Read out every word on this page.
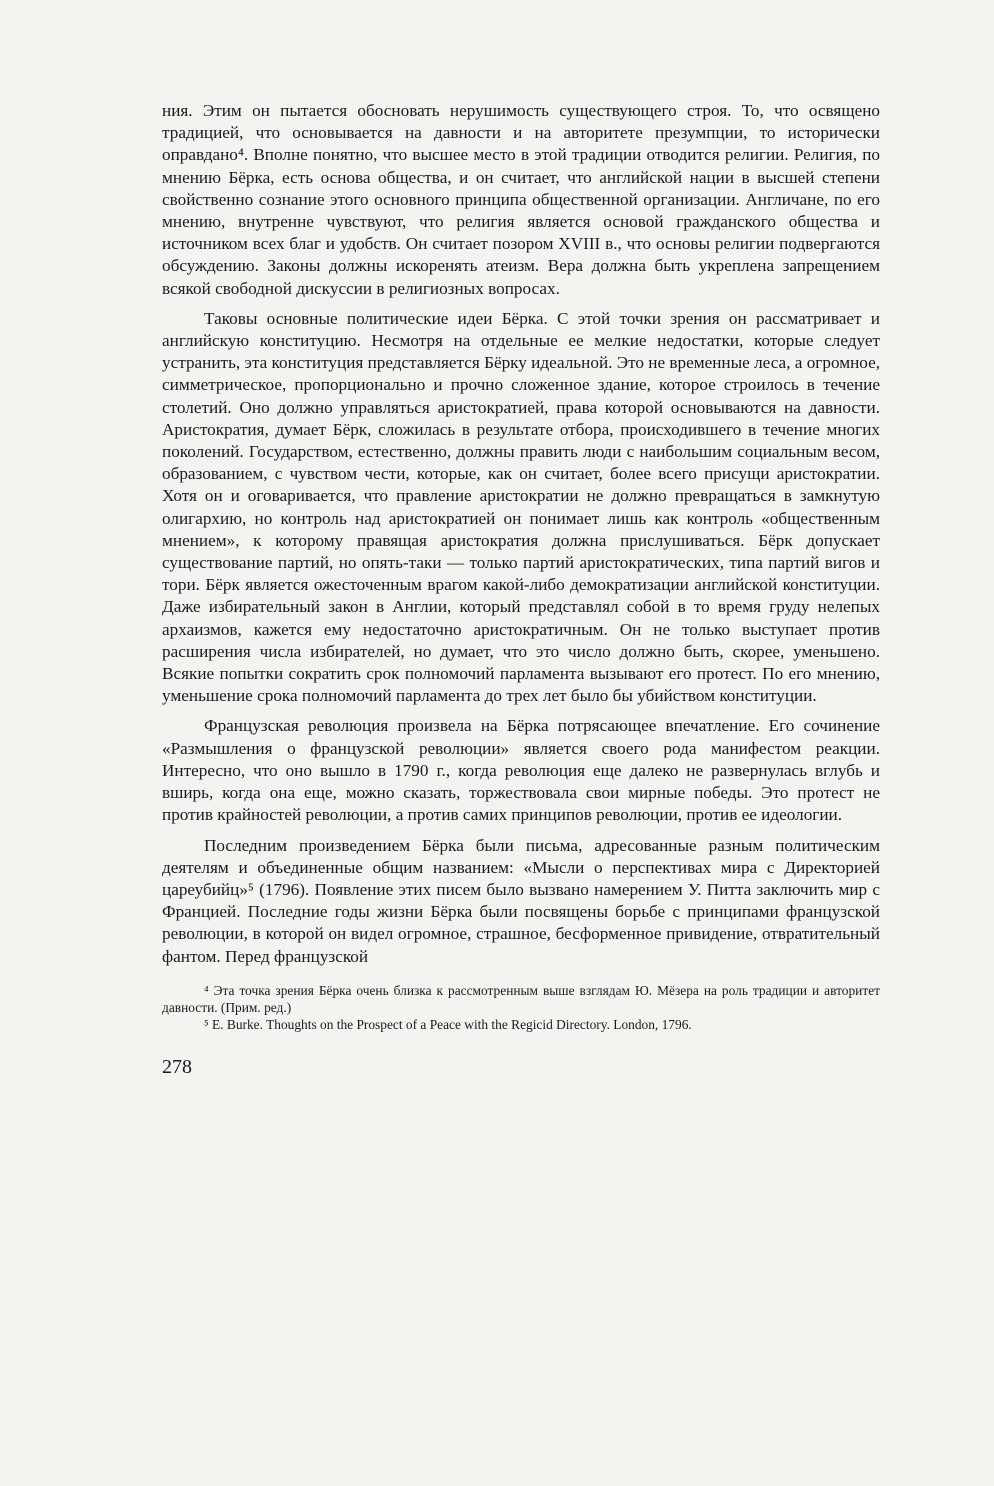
ния. Этим он пытается обосновать нерушимость существующего строя. То, что освящено традицией, что основывается на давности и на авторитете презумпции, то исторически оправдано⁴. Вполне понятно, что высшее место в этой традиции отводится религии. Религия, по мнению Бёрка, есть основа общества, и он считает, что английской нации в высшей степени свойственно сознание этого основного принципа общественной организации. Англичане, по его мнению, внутренне чувствуют, что религия является основой гражданского общества и источником всех благ и удобств. Он считает позором XVIII в., что основы религии подвергаются обсуждению. Законы должны искоренять атеизм. Вера должна быть укреплена запрещением всякой свободной дискуссии в религиозных вопросах.

Таковы основные политические идеи Бёрка. С этой точки зрения он рассматривает и английскую конституцию. Несмотря на отдельные ее мелкие недостатки, которые следует устранить, эта конституция представляется Бёрку идеальной. Это не временные леса, а огромное, симметрическое, пропорционально и прочно сложенное здание, которое строилось в течение столетий. Оно должно управляться аристократией, права которой основываются на давности. Аристократия, думает Бёрк, сложилась в результате отбора, происходившего в течение многих поколений. Государством, естественно, должны править люди с наибольшим социальным весом, образованием, с чувством чести, которые, как он считает, более всего присущи аристократии. Хотя он и оговаривается, что правление аристократии не должно превращаться в замкнутую олигархию, но контроль над аристократией он понимает лишь как контроль «общественным мнением», к которому правящая аристократия должна прислушиваться. Бёрк допускает существование партий, но опять-таки — только партий аристократических, типа партий вигов и тори. Бёрк является ожесточенным врагом какой-либо демократизации английской конституции. Даже избирательный закон в Англии, который представлял собой в то время груду нелепых архаизмов, кажется ему недостаточно аристократичным. Он не только выступает против расширения числа избирателей, но думает, что это число должно быть, скорее, уменьшено. Всякие попытки сократить срок полномочий парламента вызывают его протест. По его мнению, уменьшение срока полномочий парламента до трех лет было бы убийством конституции.

Французская революция произвела на Бёрка потрясающее впечатление. Его сочинение «Размышления о французской революции» является своего рода манифестом реакции. Интересно, что оно вышло в 1790 г., когда революция еще далеко не развернулась вглубь и вширь, когда она еще, можно сказать, торжествовала свои мирные победы. Это протест не против крайностей революции, а против самих принципов революции, против ее идеологии.

Последним произведением Бёрка были письма, адресованные разным политическим деятелям и объединенные общим названием: «Мысли о перспективах мира с Директорией цареубийц»⁵ (1796). Появление этих писем было вызвано намерением У. Питта заключить мир с Францией. Последние годы жизни Бёрка были посвящены борьбе с принципами французской революции, в которой он видел огромное, страшное, бесформенное привидение, отвратительный фантом. Перед французской

⁴ Эта точка зрения Бёрка очень близка к рассмотренным выше взглядам Ю. Мёзера на роль традиции и авторитет давности. (Прим. ред.)

⁵ E. Burke. Thoughts on the Prospect of a Peace with the Regicid Directory. London, 1796.

278
